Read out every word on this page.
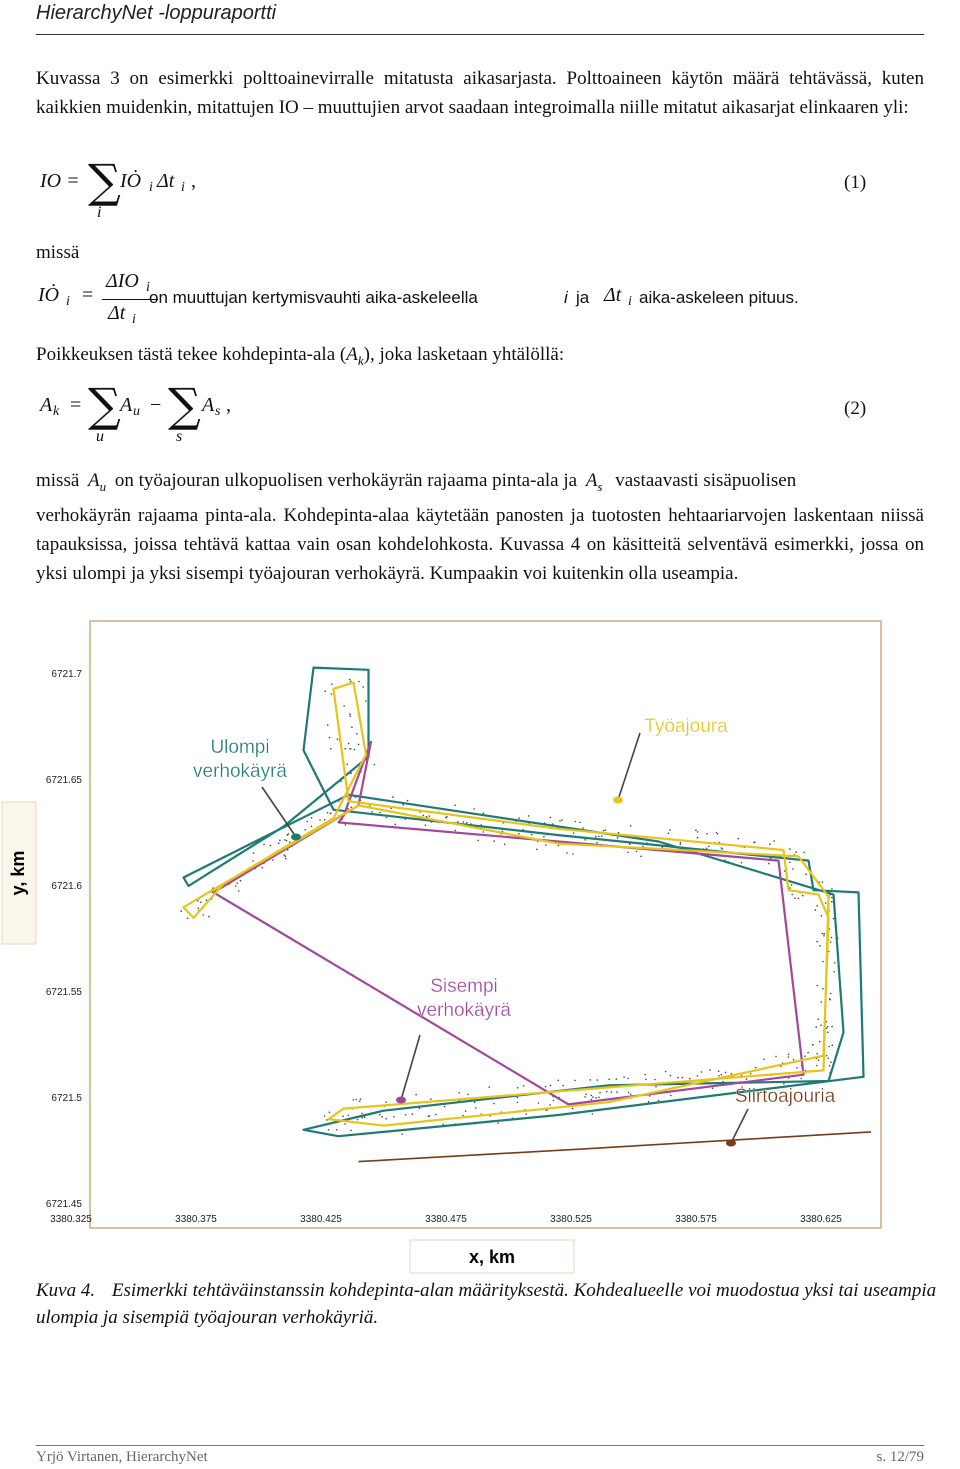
HierarchyNet -loppuraportti
Kuvassa 3 on esimerkki polttoainevirralle mitatusta aikasarjasta. Polttoaineen käytön määrä tehtävässä, kuten kaikkien muidenkin, mitattujen IO – muuttujien arvot saadaan integroimalla niille mitatut aikasarjat elinkaaren yli:
IO = ∑
i
IȮ i Δt i ,	(1)
missä
IȮ i =
ΔIO i
Δt i
on muuttujan kertymisvauhti aika-askeleella	i ja Δt i aika-askeleen pituus.
Poikkeuksen tästä tekee kohdepinta-ala $(A_k)$, joka lasketaan yhtälöllä:
A k = ∑
u
A u − ∑
s
A s ,	(2)
missä $A_u$ on työajouran ulkopuolisen verhokäyrän rajaama pinta-ala ja $A_s$ vastaavasti sisäpuolisen
verhokäyrän rajaama pinta-ala. Kohdepinta-alaa käytetään panosten ja tuotosten hehtaariarvojen laskentaan niissä tapauksissa, joissa tehtävä kattaa vain osan kohdelohkosta. Kuvassa 4 on käsitteitä selventävä esimerkki, jossa on yksi ulompi ja yksi sisempi työajouran verhokäyrä. Kumpaakin voi kuitenkin olla useampia.
y, km
x, km
3380.325	3380.375	3380.425	3380.475	3380.525	3380.575	3380.625
6721.7
6721.65
6721.6
6721.55
6721.5
6721.45
Työajoura
Ulompi verhokäyrä
Sisempi verhokäyrä
Siirtoajouria
Kuva 4. Esimerkki tehtäväinstanssin kohdepinta-alan määrityksestä. Kohdealueelle voi muodostua yksi tai useampia ulompia ja sisempiä työajouran verhokäyriä.
Yrjö Virtanen, HierarchyNet	s. 12/79
